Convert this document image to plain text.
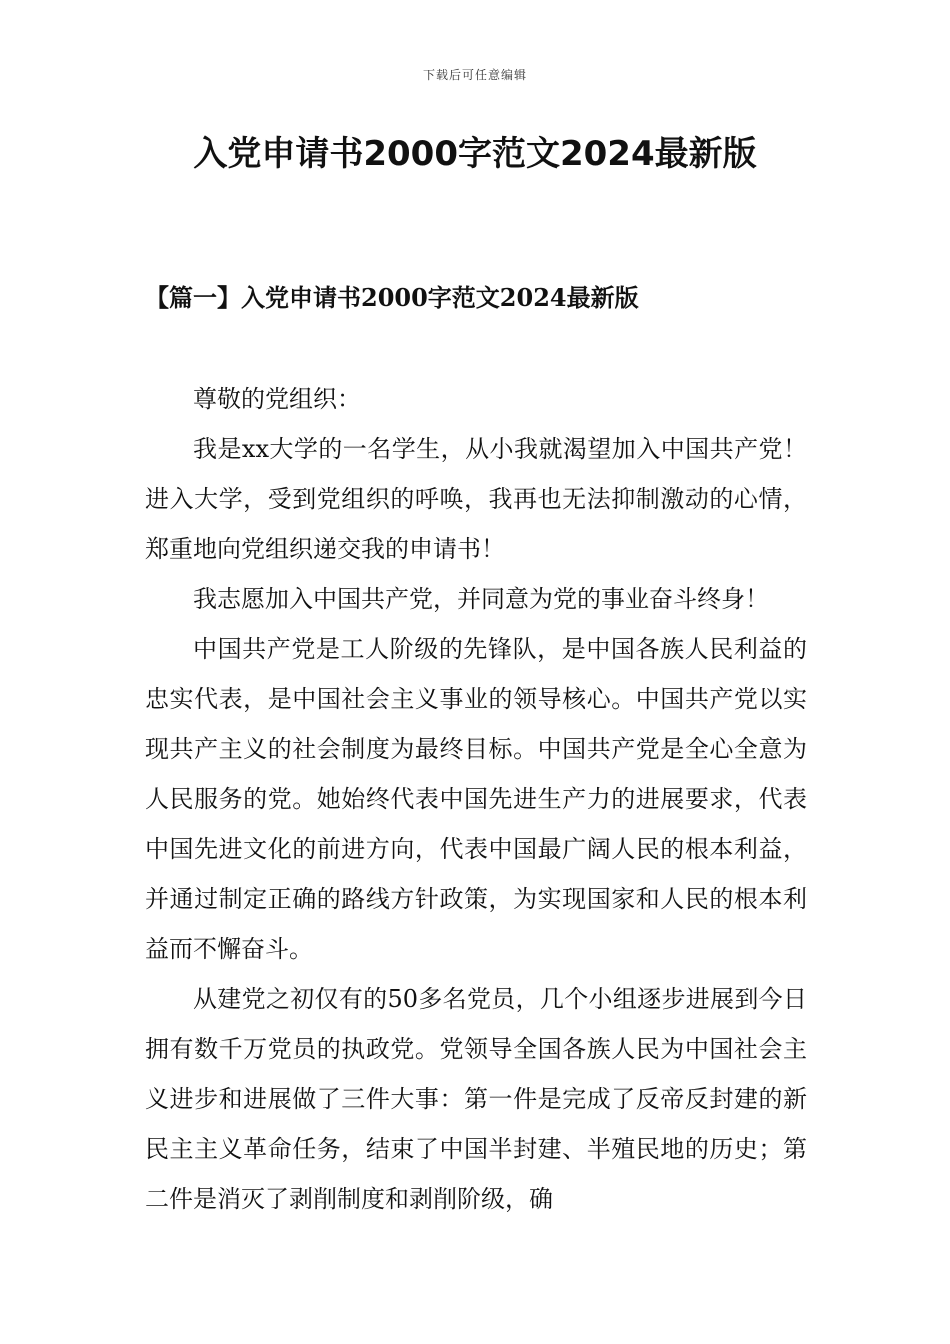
下载后可任意编辑
入党申请书2000字范文2024最新版
【篇一】入党申请书2000字范文2024最新版

尊敬的党组织：

我是xx大学的一名学生，从小我就渴望加入中国共产党！进入大学，受到党组织的呼唤，我再也无法抑制激动的心情，郑重地向党组织递交我的申请书！

我志愿加入中国共产党，并同意为党的事业奋斗终身！

中国共产党是工人阶级的先锋队，是中国各族人民利益的忠实代表，是中国社会主义事业的领导核心。中国共产党以实现共产主义的社会制度为最终目标。中国共产党是全心全意为人民服务的党。她始终代表中国先进生产力的进展要求，代表中国先进文化的前进方向，代表中国最广阔人民的根本利益，并通过制定正确的路线方针政策，为实现国家和人民的根本利益而不懈奋斗。

从建党之初仅有的50多名党员，几个小组逐步进展到今日拥有数千万党员的执政党。党领导全国各族人民为中国社会主义进步和进展做了三件大事：第一件是完成了反帝反封建的新民主主义革命任务，结束了中国半封建、半殖民地的历史；第二件是消灭了剥削制度和剥削阶级，确
